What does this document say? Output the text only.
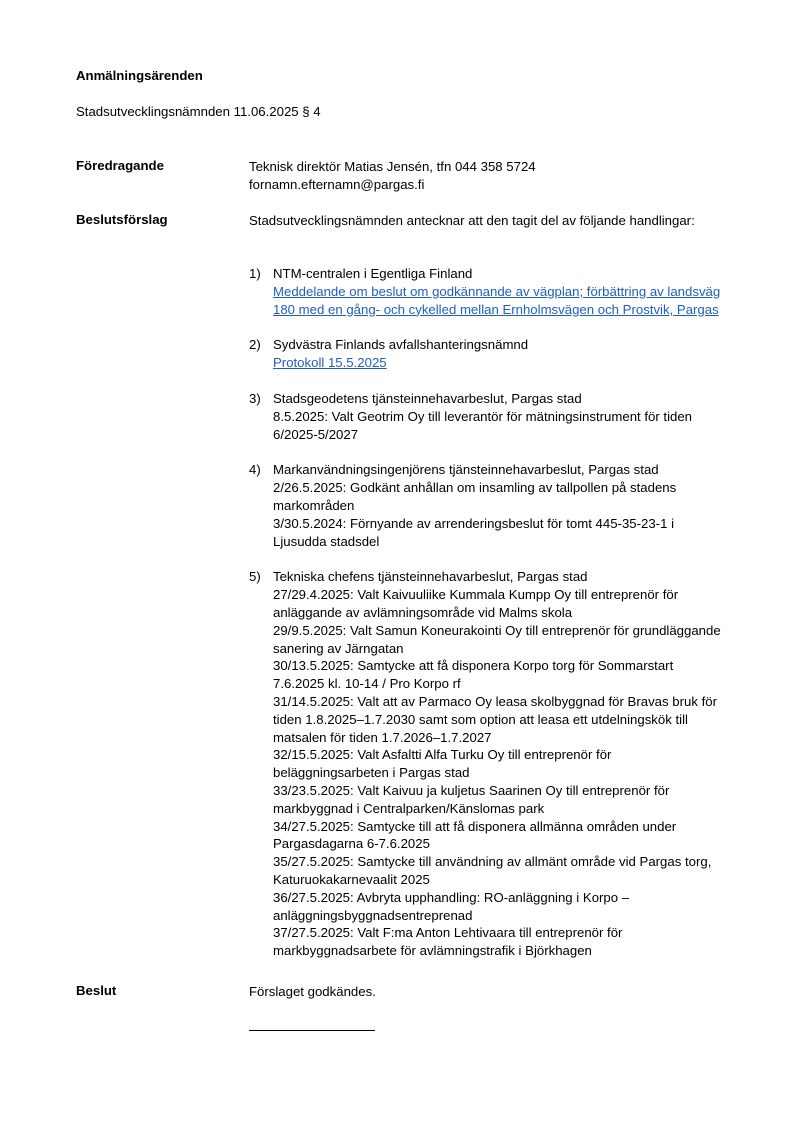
Anmälningsärenden
Stadsutvecklingsnämnden 11.06.2025 § 4
Föredragande	Teknisk direktör Matias Jensén, tfn 044 358 5724
fornamn.efternamn@pargas.fi
Beslutsförslag	Stadsutvecklingsnämnden antecknar att den tagit del av följande handlingar:
1) NTM-centralen i Egentliga Finland
Meddelande om beslut om godkännande av vägplan; förbättring av landsväg
180 med en gång- och cykelled mellan Ernholmsvägen och Prostvik, Pargas
2) Sydvästra Finlands avfallshanteringsnämnd
Protokoll 15.5.2025
3) Stadsgeodetens tjänsteinnehavarbeslut, Pargas stad
8.5.2025: Valt Geotrim Oy till leverantör för mätningsinstrument för tiden
6/2025-5/2027
4) Markanvändningsingenjörens tjänsteinnehavarbeslut, Pargas stad
2/26.5.2025: Godkänt anhållan om insamling av tallpollen på stadens
markområden
3/30.5.2024: Förnyande av arrenderingsbeslut för tomt 445-35-23-1 i
Ljusudda stadsdel
5) Tekniska chefens tjänsteinnehavarbeslut, Pargas stad
27/29.4.2025: Valt Kaivuuliike Kummala Kumpp Oy till entreprenör för
anläggande av avlämningsområde vid Malms skola
29/9.5.2025: Valt Samun Koneurakointi Oy till entreprenör för grundläggande
sanering av Järngatan
30/13.5.2025: Samtycke att få disponera Korpo torg för Sommarstart
7.6.2025 kl. 10-14 / Pro Korpo rf
31/14.5.2025: Valt att av Parmaco Oy leasa skolbyggnad för Bravas bruk för
tiden 1.8.2025–1.7.2030 samt som option att leasa ett utdelningskök till
matsalen för tiden 1.7.2026–1.7.2027
32/15.5.2025: Valt Asfaltti Alfa Turku Oy till entreprenör för
beläggningsarbeten i Pargas stad
33/23.5.2025: Valt Kaivuu ja kuljetus Saarinen Oy till entreprenör för
markbyggnad i Centralparken/Känslomas park
34/27.5.2025: Samtycke till att få disponera allmänna områden under
Pargasdagarna 6-7.6.2025
35/27.5.2025: Samtycke till användning av allmänt område vid Pargas torg,
Katuruokakarnevaalit 2025
36/27.5.2025: Avbryta upphandling: RO-anläggning i Korpo –
anläggningsbyggnadsentreprenad
37/27.5.2025: Valt F:ma Anton Lehtivaara till entreprenör för
markbyggnadsarbete för avlämningstrafik i Björkhagen
Beslut	Förslaget godkändes.
